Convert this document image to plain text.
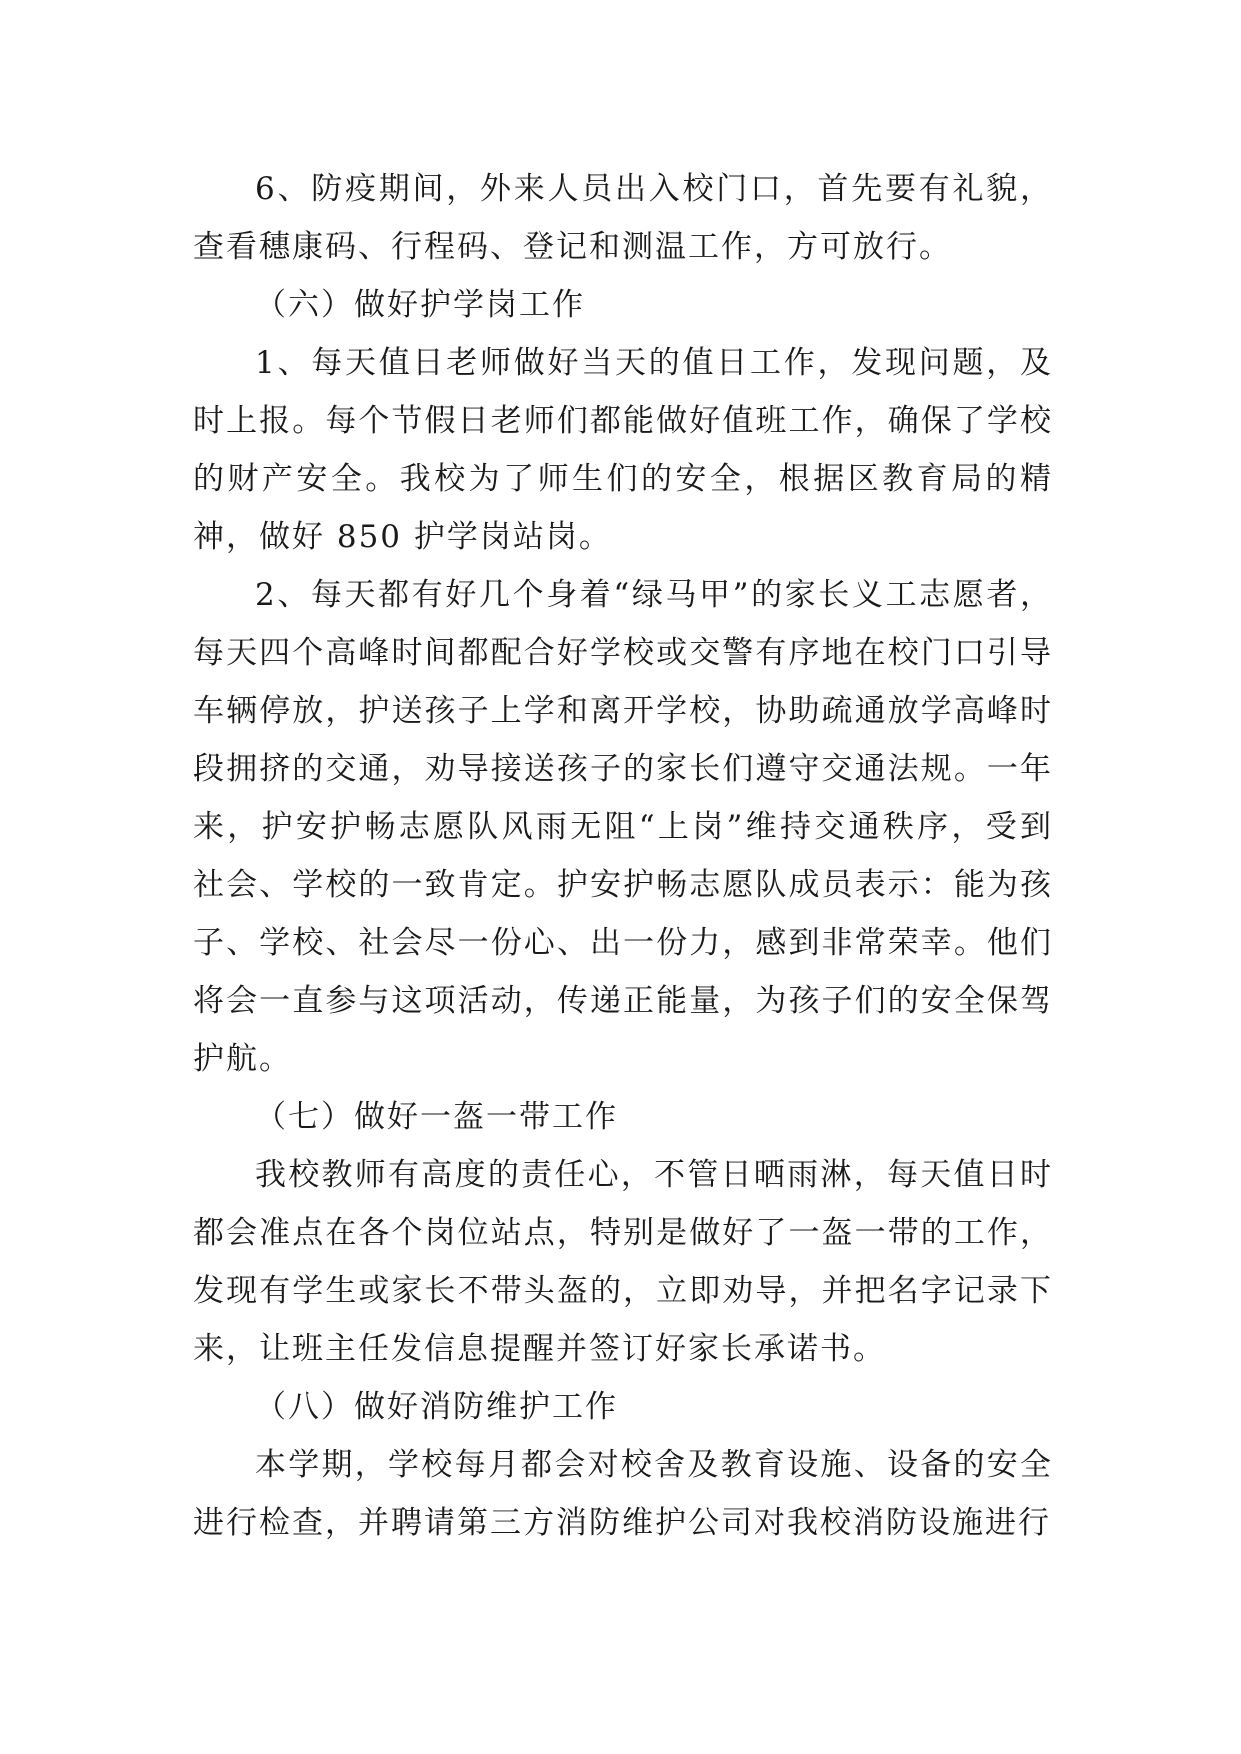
6、防疫期间，外来人员出入校门口，首先要有礼貌，查看穗康码、行程码、登记和测温工作，方可放行。

（六）做好护学岗工作

1、每天值日老师做好当天的值日工作，发现问题，及时上报。每个节假日老师们都能做好值班工作，确保了学校的财产安全。我校为了师生们的安全，根据区教育局的精神，做好 850 护学岗站岗。

2、每天都有好几个身着“绿马甲”的家长义工志愿者，每天四个高峰时间都配合好学校或交警有序地在校门口引导车辆停放，护送孩子上学和离开学校，协助疏通放学高峰时段拥挤的交通，劝导接送孩子的家长们遵守交通法规。一年来，护安护畅志愿队风雨无阻“上岗”维持交通秩序，受到社会、学校的一致肯定。护安护畅志愿队成员表示：能为孩子、学校、社会尽一份心、出一份力，感到非常荣幸。他们将会一直参与这项活动，传递正能量，为孩子们的安全保驾护航。

（七）做好一盔一带工作

我校教师有高度的责任心，不管日晒雨淋，每天值日时都会准点在各个岗位站点，特别是做好了一盔一带的工作，发现有学生或家长不带头盔的，立即劝导，并把名字记录下来，让班主任发信息提醒并签订好家长承诺书。

（八）做好消防维护工作

本学期，学校每月都会对校舍及教育设施、设备的安全进行检查，并聘请第三方消防维护公司对我校消防设施进行
